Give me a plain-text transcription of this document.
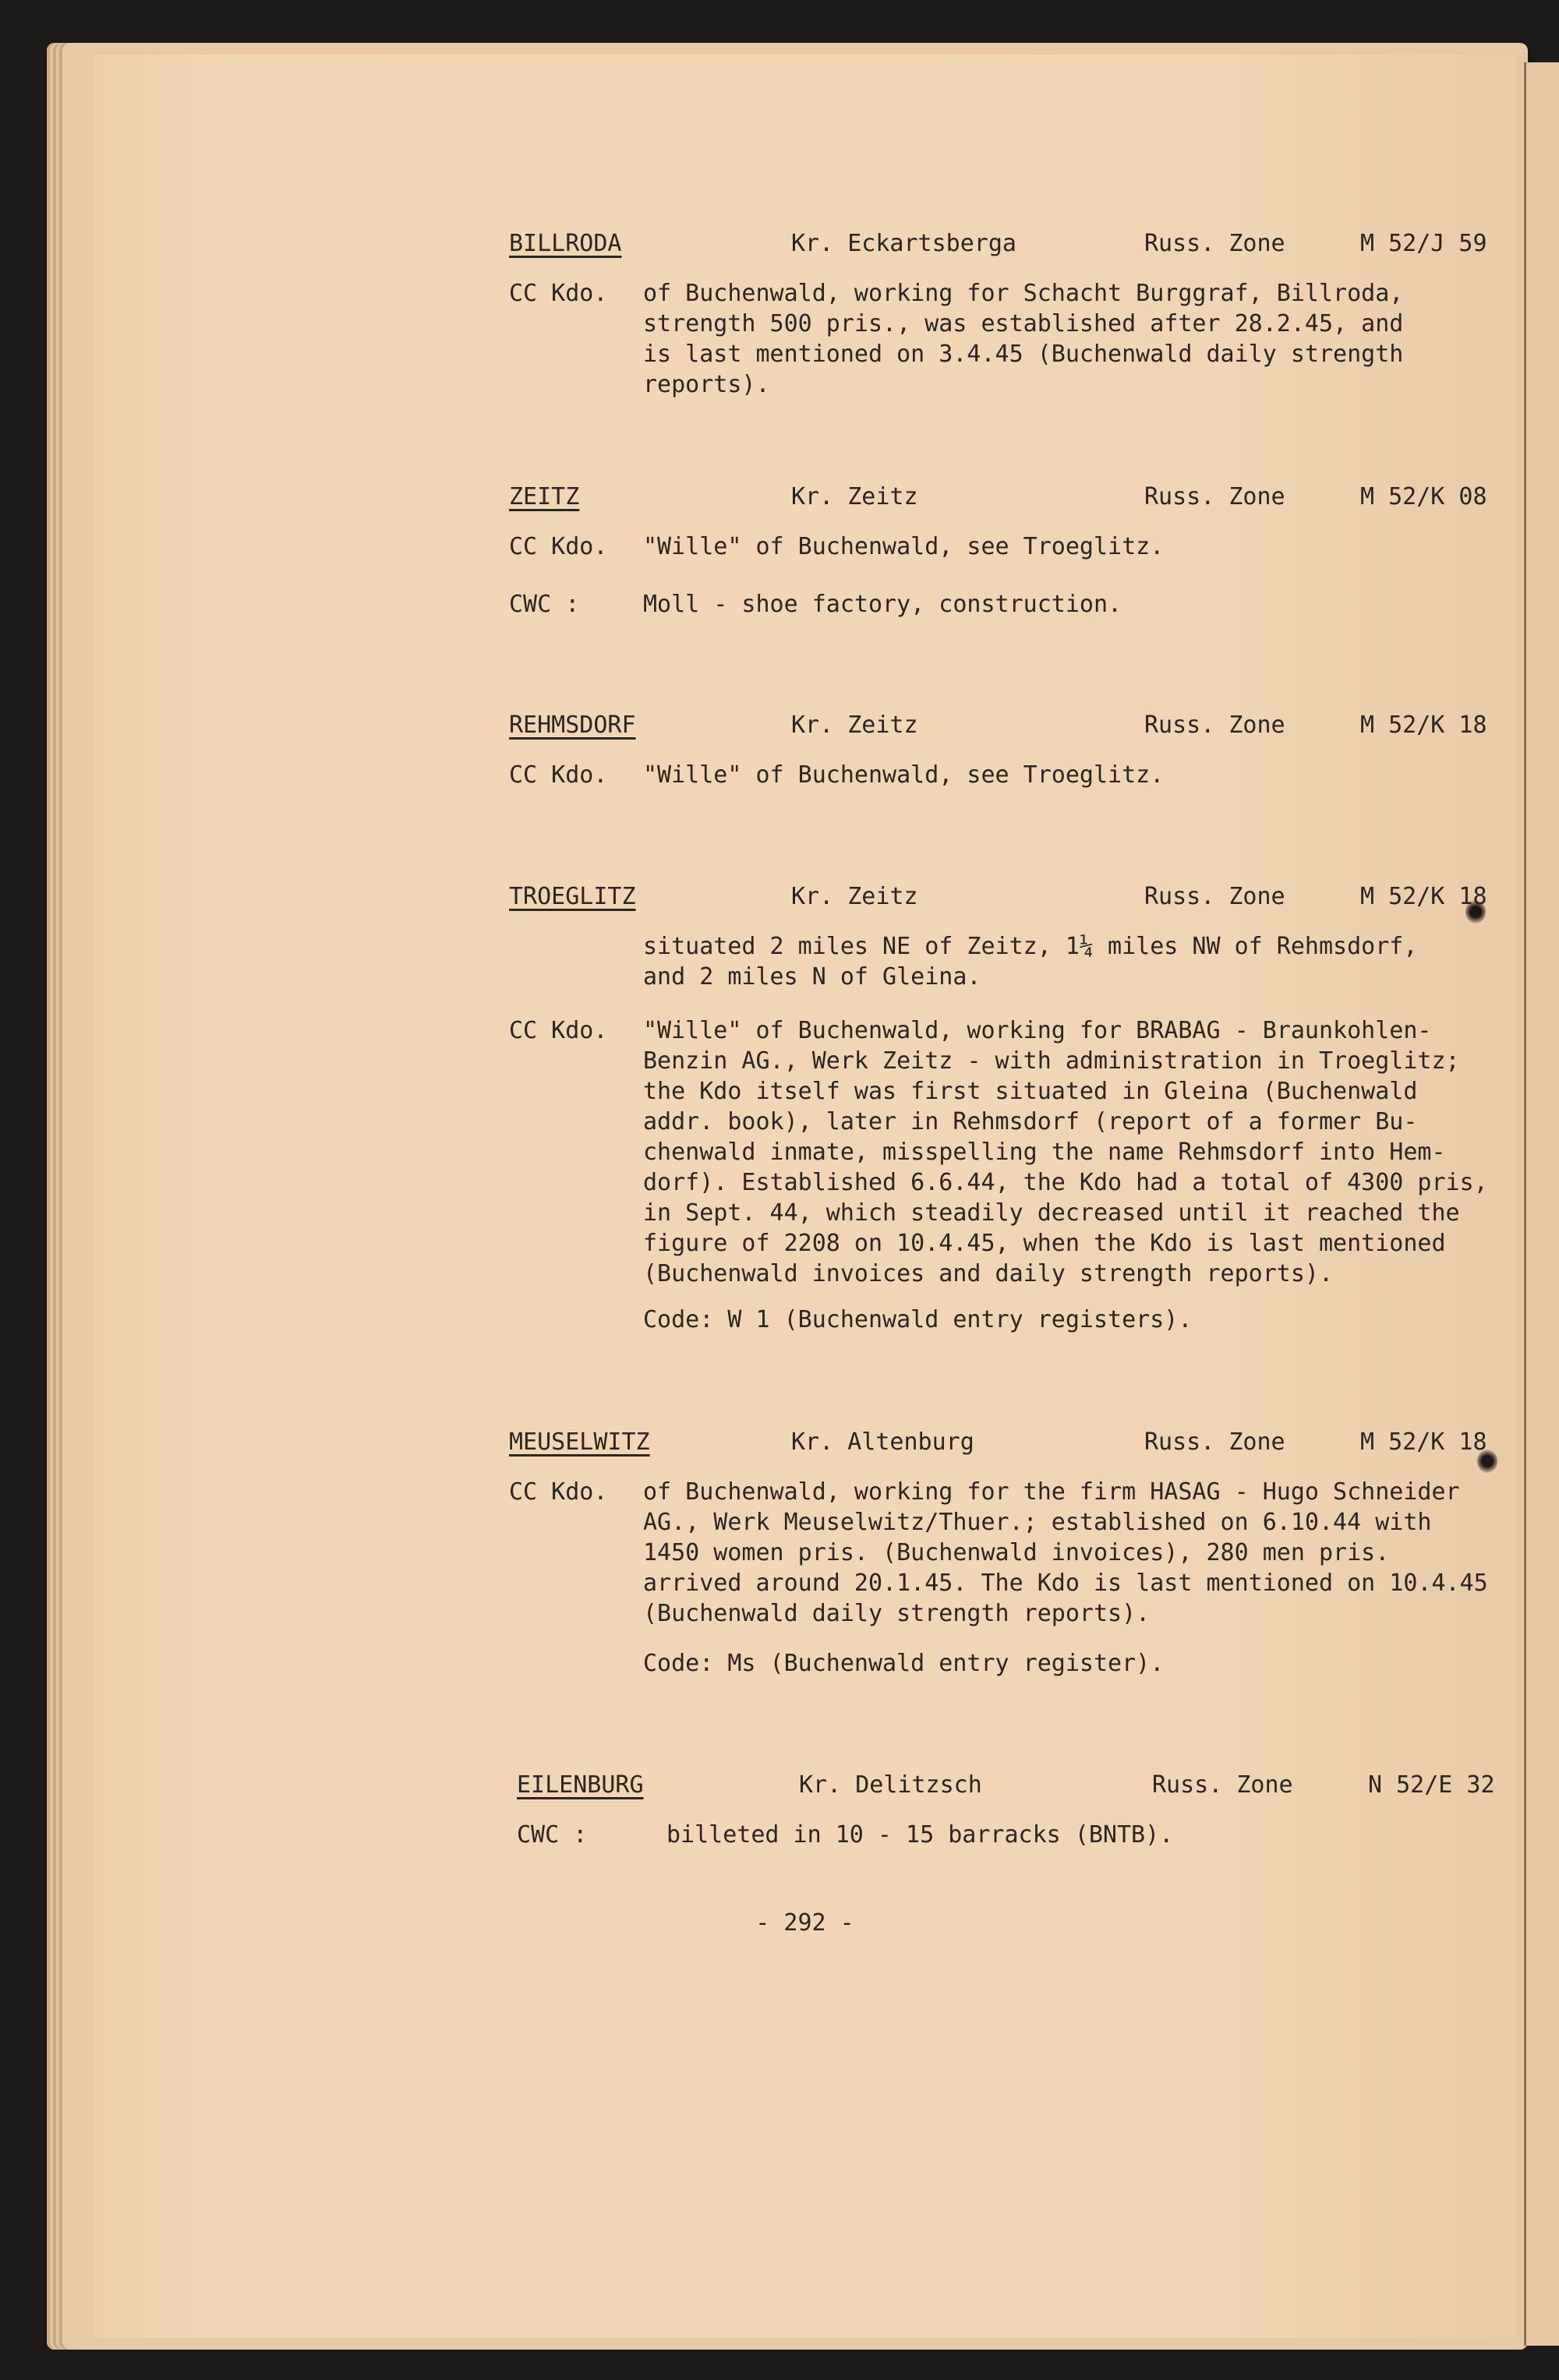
BILLRODA	Kr. Eckartsberga	Russ. Zone	M 52/J 59
CC Kdo. of Buchenwald, working for Schacht Burggraf, Billroda,
strength 500 pris., was established after 28.2.45, and
is last mentioned on 3.4.45 (Buchenwald daily strength
reports).
ZEITZ	Kr. Zeitz	Russ. Zone	M 52/K 08
CC Kdo. "Wille" of Buchenwald, see Troeglitz.
CWC :	Moll - shoe factory, construction.
REHMSDORF	Kr. Zeitz	Russ. Zone	M 52/K 18
CC Kdo. "Wille" of Buchenwald, see Troeglitz.
TROEGLITZ	Kr. Zeitz	Russ. Zone	M 52/K 18
situated 2 miles NE of Zeitz, 1¼ miles NW of Rehmsdorf,
and 2 miles N of Gleina.
CC Kdo. "Wille" of Buchenwald, working for BRABAG - Braunkohlen-
Benzin AG., Werk Zeitz - with administration in Troeglitz;
the Kdo itself was first situated in Gleina (Buchenwald
addr. book), later in Rehmsdorf (report of a former Bu-
chenwald inmate, misspelling the name Rehmsdorf into Hem-
dorf). Established 6.6.44, the Kdo had a total of 4300 pris,
in Sept. 44, which steadily decreased until it reached the
figure of 2208 on 10.4.45, when the Kdo is last mentioned
(Buchenwald invoices and daily strength reports).
Code: W 1 (Buchenwald entry registers).
MEUSELWITZ	Kr. Altenburg	Russ. Zone	M 52/K 18
CC Kdo. of Buchenwald, working for the firm HASAG - Hugo Schneider
AG., Werk Meuselwitz/Thuer.; established on 6.10.44 with
1450 women pris. (Buchenwald invoices), 280 men pris.
arrived around 20.1.45. The Kdo is last mentioned on 10.4.45
(Buchenwald daily strength reports).
Code: Ms (Buchenwald entry register).
EILENBURG	Kr. Delitzsch	Russ. Zone	N 52/E 32
CWC :	billeted in 10 - 15 barracks (BNTB).
- 292 -
